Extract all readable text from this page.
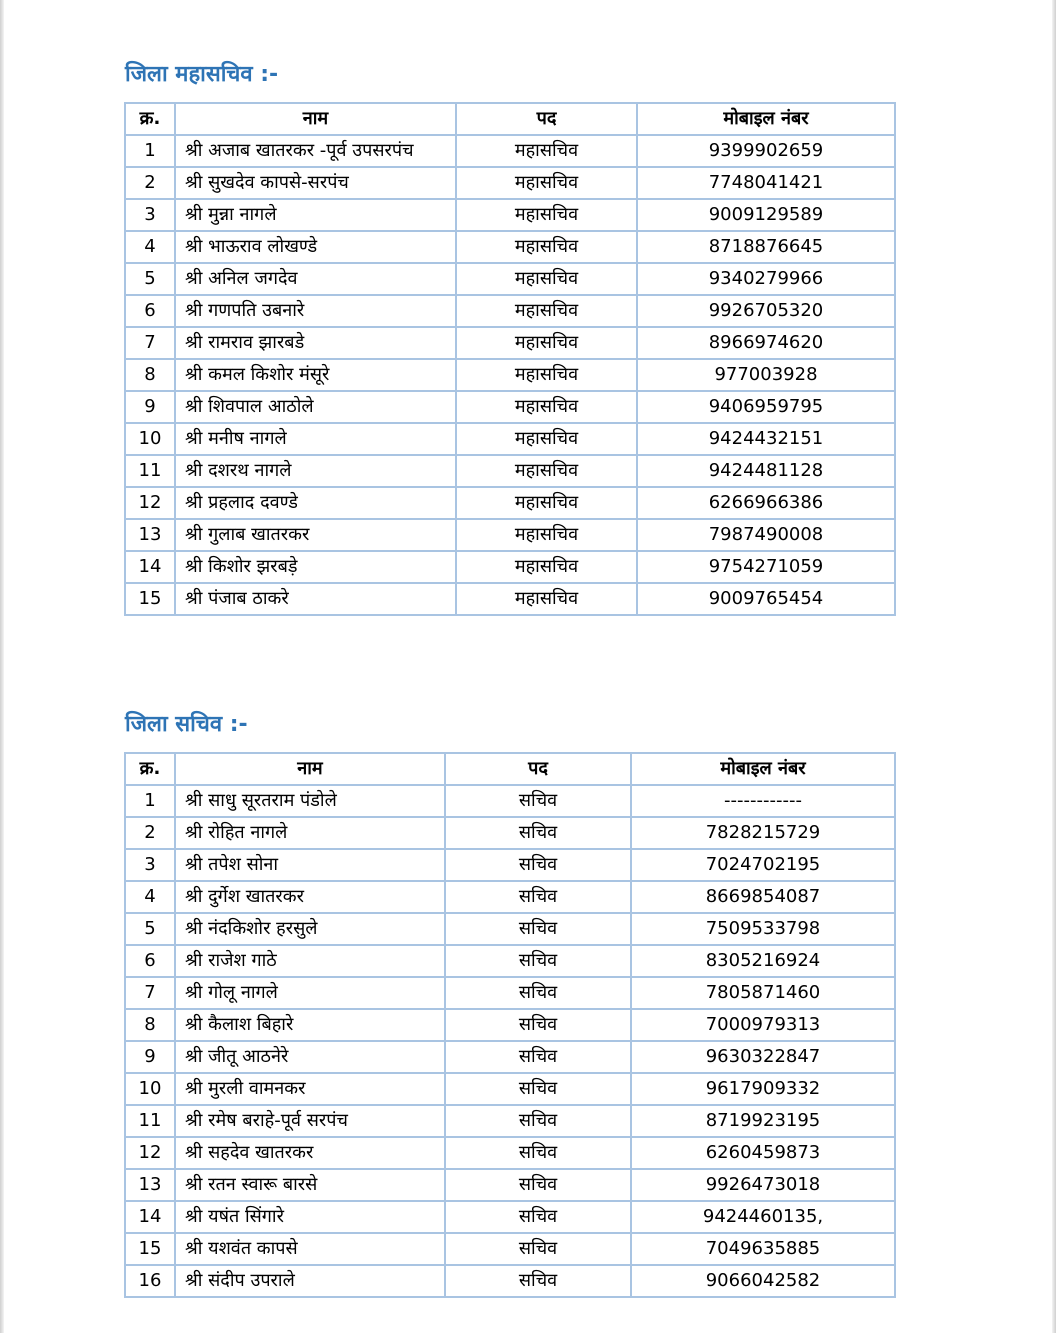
जिला महासचिव :-
क्र.	नाम	पद	मोबाइल नंबर
1	श्री अजाब खातरकर -पूर्व उपसरपंच	महासचिव	9399902659
2	श्री सुखदेव कापसे-सरपंच	महासचिव	7748041421
3	श्री मुन्ना नागले	महासचिव	9009129589
4	श्री भाऊराव लोखण्डे	महासचिव	8718876645
5	श्री अनिल जगदेव	महासचिव	9340279966
6	श्री गणपति उबनारे	महासचिव	9926705320
7	श्री रामराव झारबडे	महासचिव	8966974620
8	श्री कमल किशोर मंसूरे	महासचिव	977003928
9	श्री शिवपाल आठोले	महासचिव	9406959795
10	श्री मनीष नागले	महासचिव	9424432151
11	श्री दशरथ नागले	महासचिव	9424481128
12	श्री प्रहलाद दवण्डे	महासचिव	6266966386
13	श्री गुलाब खातरकर	महासचिव	7987490008
14	श्री किशोर झरबड़े	महासचिव	9754271059
15	श्री पंजाब ठाकरे	महासचिव	9009765454
जिला सचिव :-
क्र.	नाम	पद	मोबाइल नंबर
1	श्री साधु सूरतराम पंडोले	सचिव	------------
2	श्री रोहित नागले	सचिव	7828215729
3	श्री तपेश सोना	सचिव	7024702195
4	श्री दुर्गेश खातरकर	सचिव	8669854087
5	श्री नंदकिशोर हरसुले	सचिव	7509533798
6	श्री राजेश गाठे	सचिव	8305216924
7	श्री गोलू नागले	सचिव	7805871460
8	श्री कैलाश बिहारे	सचिव	7000979313
9	श्री जीतू आठनेरे	सचिव	9630322847
10	श्री मुरली वामनकर	सचिव	9617909332
11	श्री रमेष बराहे-पूर्व सरपंच	सचिव	8719923195
12	श्री सहदेव खातरकर	सचिव	6260459873
13	श्री रतन स्वारू बारसे	सचिव	9926473018
14	श्री यषंत सिंगारे	सचिव	9424460135,
15	श्री यशवंत कापसे	सचिव	7049635885
16	श्री संदीप उपराले	सचिव	9066042582
